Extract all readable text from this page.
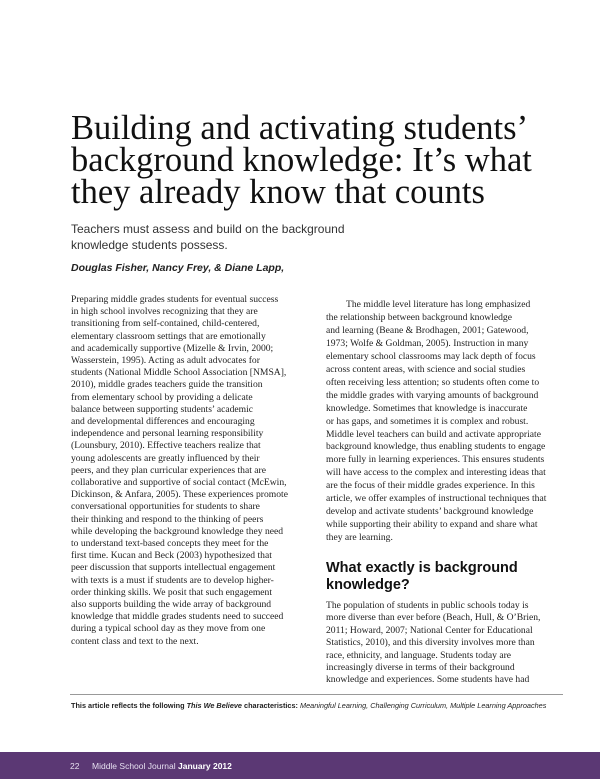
Building and activating students’
background knowledge: It’s what
they already know that counts
Teachers must assess and build on the background
knowledge students possess.
Douglas Fisher, Nancy Frey, & Diane Lapp,
Preparing middle grades students for eventual success
in high school involves recognizing that they are
transitioning from self-contained, child-centered,
elementary classroom settings that are emotionally
and academically supportive (Mizelle & Irvin, 2000;
Wasserstein, 1995). Acting as adult advocates for
students (National Middle School Association [NMSA],
2010), middle grades teachers guide the transition
from elementary school by providing a delicate
balance between supporting students’ academic
and developmental differences and encouraging
independence and personal learning responsibility
(Lounsbury, 2010). Effective teachers realize that
young adolescents are greatly influenced by their
peers, and they plan curricular experiences that are
collaborative and supportive of social contact (McEwin,
Dickinson, & Anfara, 2005). These experiences promote
conversational opportunities for students to share
their thinking and respond to the thinking of peers
while developing the background knowledge they need
to understand text-based concepts they meet for the
first time. Kucan and Beck (2003) hypothesized that
peer discussion that supports intellectual engagement
with texts is a must if students are to develop higher-
order thinking skills. We posit that such engagement
also supports building the wide array of background
knowledge that middle grades students need to succeed
during a typical school day as they move from one
content class and text to the next.
The middle level literature has long emphasized
the relationship between background knowledge
and learning (Beane & Brodhagen, 2001; Gatewood,
1973; Wolfe & Goldman, 2005). Instruction in many
elementary school classrooms may lack depth of focus
across content areas, with science and social studies
often receiving less attention; so students often come to
the middle grades with varying amounts of background
knowledge. Sometimes that knowledge is inaccurate
or has gaps, and sometimes it is complex and robust.
Middle level teachers can build and activate appropriate
background knowledge, thus enabling students to engage
more fully in learning experiences. This ensures students
will have access to the complex and interesting ideas that
are the focus of their middle grades experience. In this
article, we offer examples of instructional techniques that
develop and activate students’ background knowledge
while supporting their ability to expand and share what
they are learning.
What exactly is background
knowledge?
The population of students in public schools today is
more diverse than ever before (Beach, Hull, & O’Brien,
2011; Howard, 2007; National Center for Educational
Statistics, 2010), and this diversity involves more than
race, ethnicity, and language. Students today are
increasingly diverse in terms of their background
knowledge and experiences. Some students have had
This article reflects the following This We Believe characteristics: Meaningful Learning, Challenging Curriculum, Multiple Learning Approaches
22 Middle School Journal January 2012
